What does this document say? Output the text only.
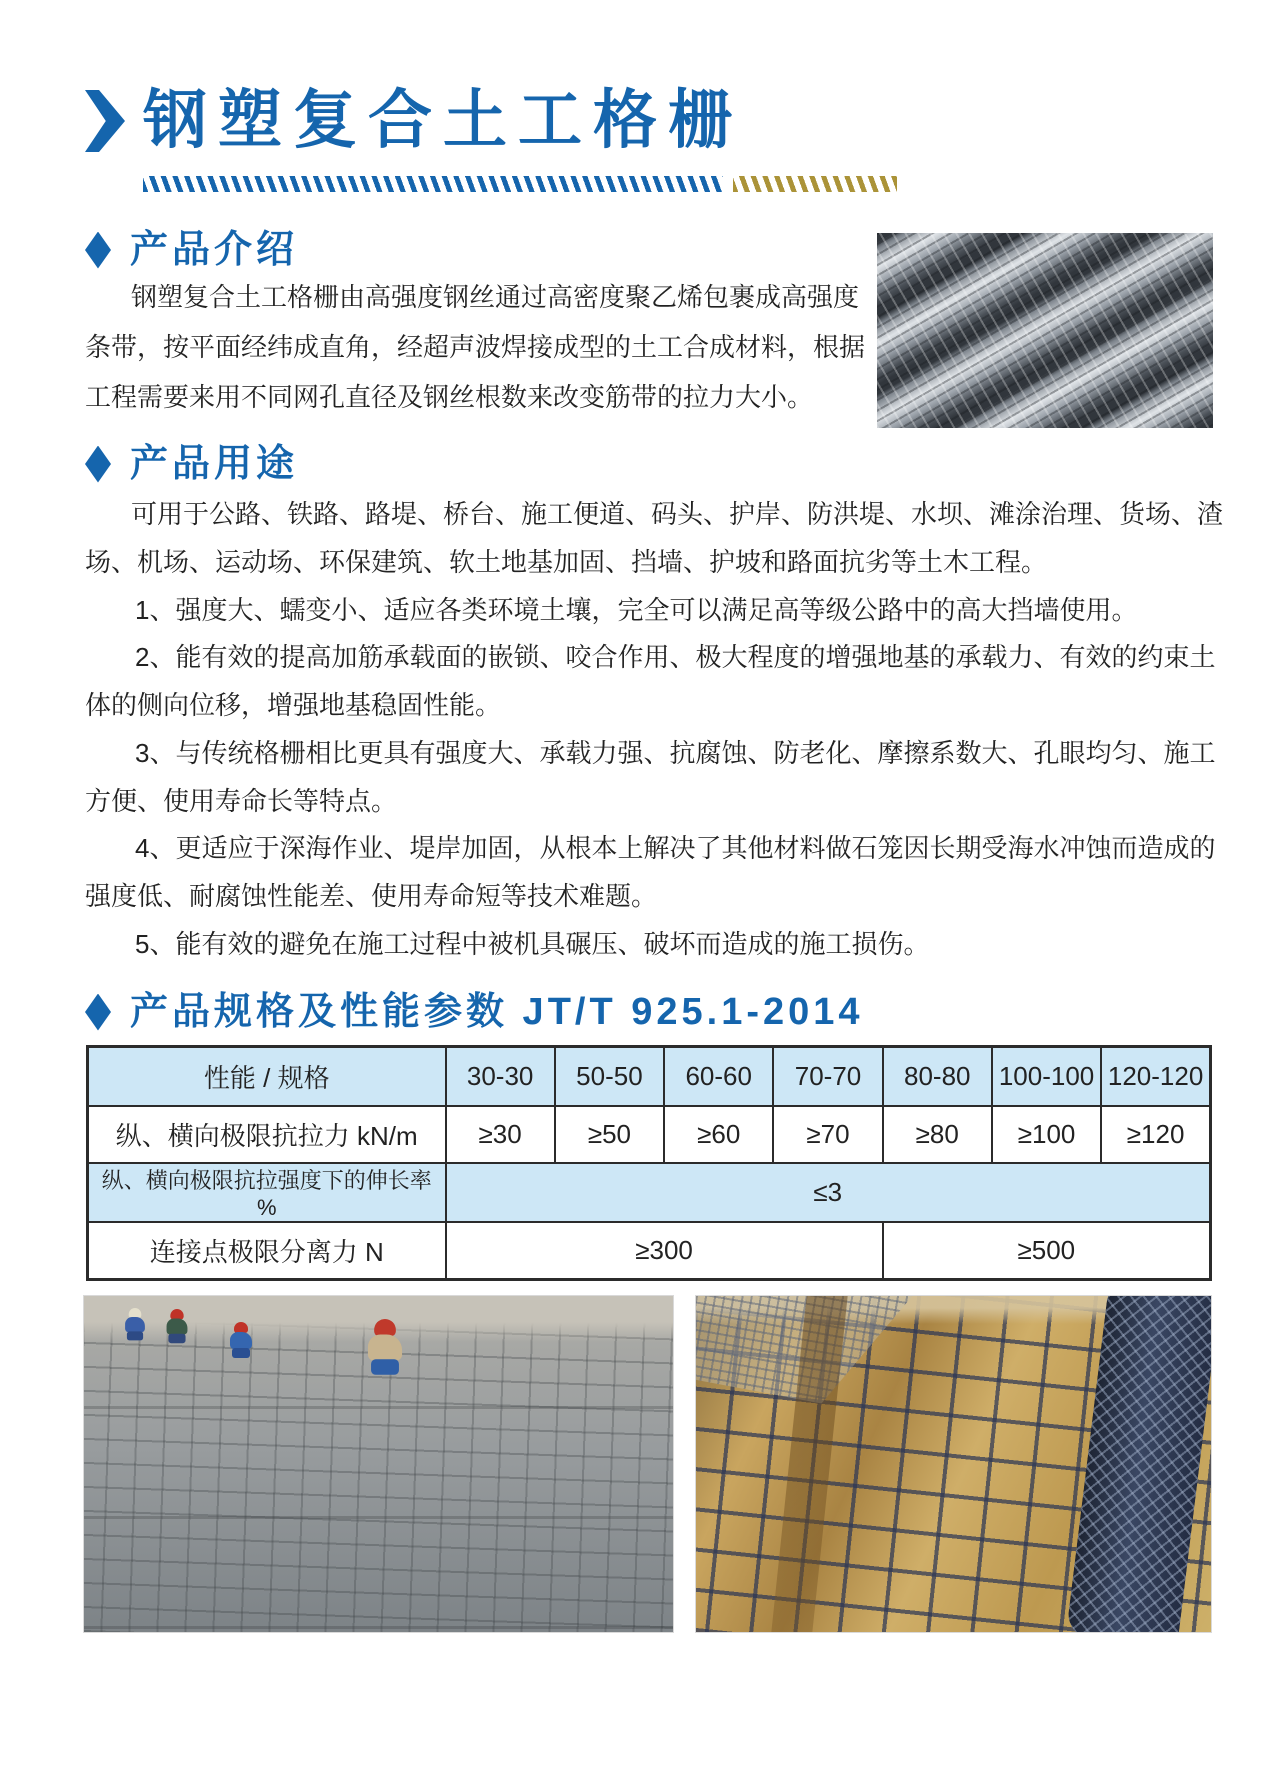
钢塑复合土工格栅
产品介绍
钢塑复合土工格栅由高强度钢丝通过高密度聚乙烯包裹成高强度
条带，按平面经纬成直角，经超声波焊接成型的土工合成材料，根据
工程需要来用不同网孔直径及钢丝根数来改变筋带的拉力大小。
产品用途
可用于公路、铁路、路堤、桥台、施工便道、码头、护岸、防洪堤、水坝、滩涂治理、货场、渣
场、机场、运动场、环保建筑、软土地基加固、挡墙、护坡和路面抗劣等土木工程。
1、强度大、蠕变小、适应各类环境土壤，完全可以满足高等级公路中的高大挡墙使用。
2、能有效的提高加筋承载面的嵌锁、咬合作用、极大程度的增强地基的承载力、有效的约束土
体的侧向位移，增强地基稳固性能。
3、与传统格栅相比更具有强度大、承载力强、抗腐蚀、防老化、摩擦系数大、孔眼均匀、施工
方便、使用寿命长等特点。
4、更适应于深海作业、堤岸加固，从根本上解决了其他材料做石笼因长期受海水冲蚀而造成的
强度低、耐腐蚀性能差、使用寿命短等技术难题。
5、能有效的避免在施工过程中被机具碾压、破坏而造成的施工损伤。
产品规格及性能参数 JT/T 925.1-2014
性能 / 规格	30-30	50-50	60-60	70-70	80-80	100-100	120-120
纵、横向极限抗拉力 kN/m	≥30	≥50	≥60	≥70	≥80	≥100	≥120
纵、横向极限抗拉强度下的伸长率 %	≤3						
连接点极限分离力 N	≥300				≥500		
